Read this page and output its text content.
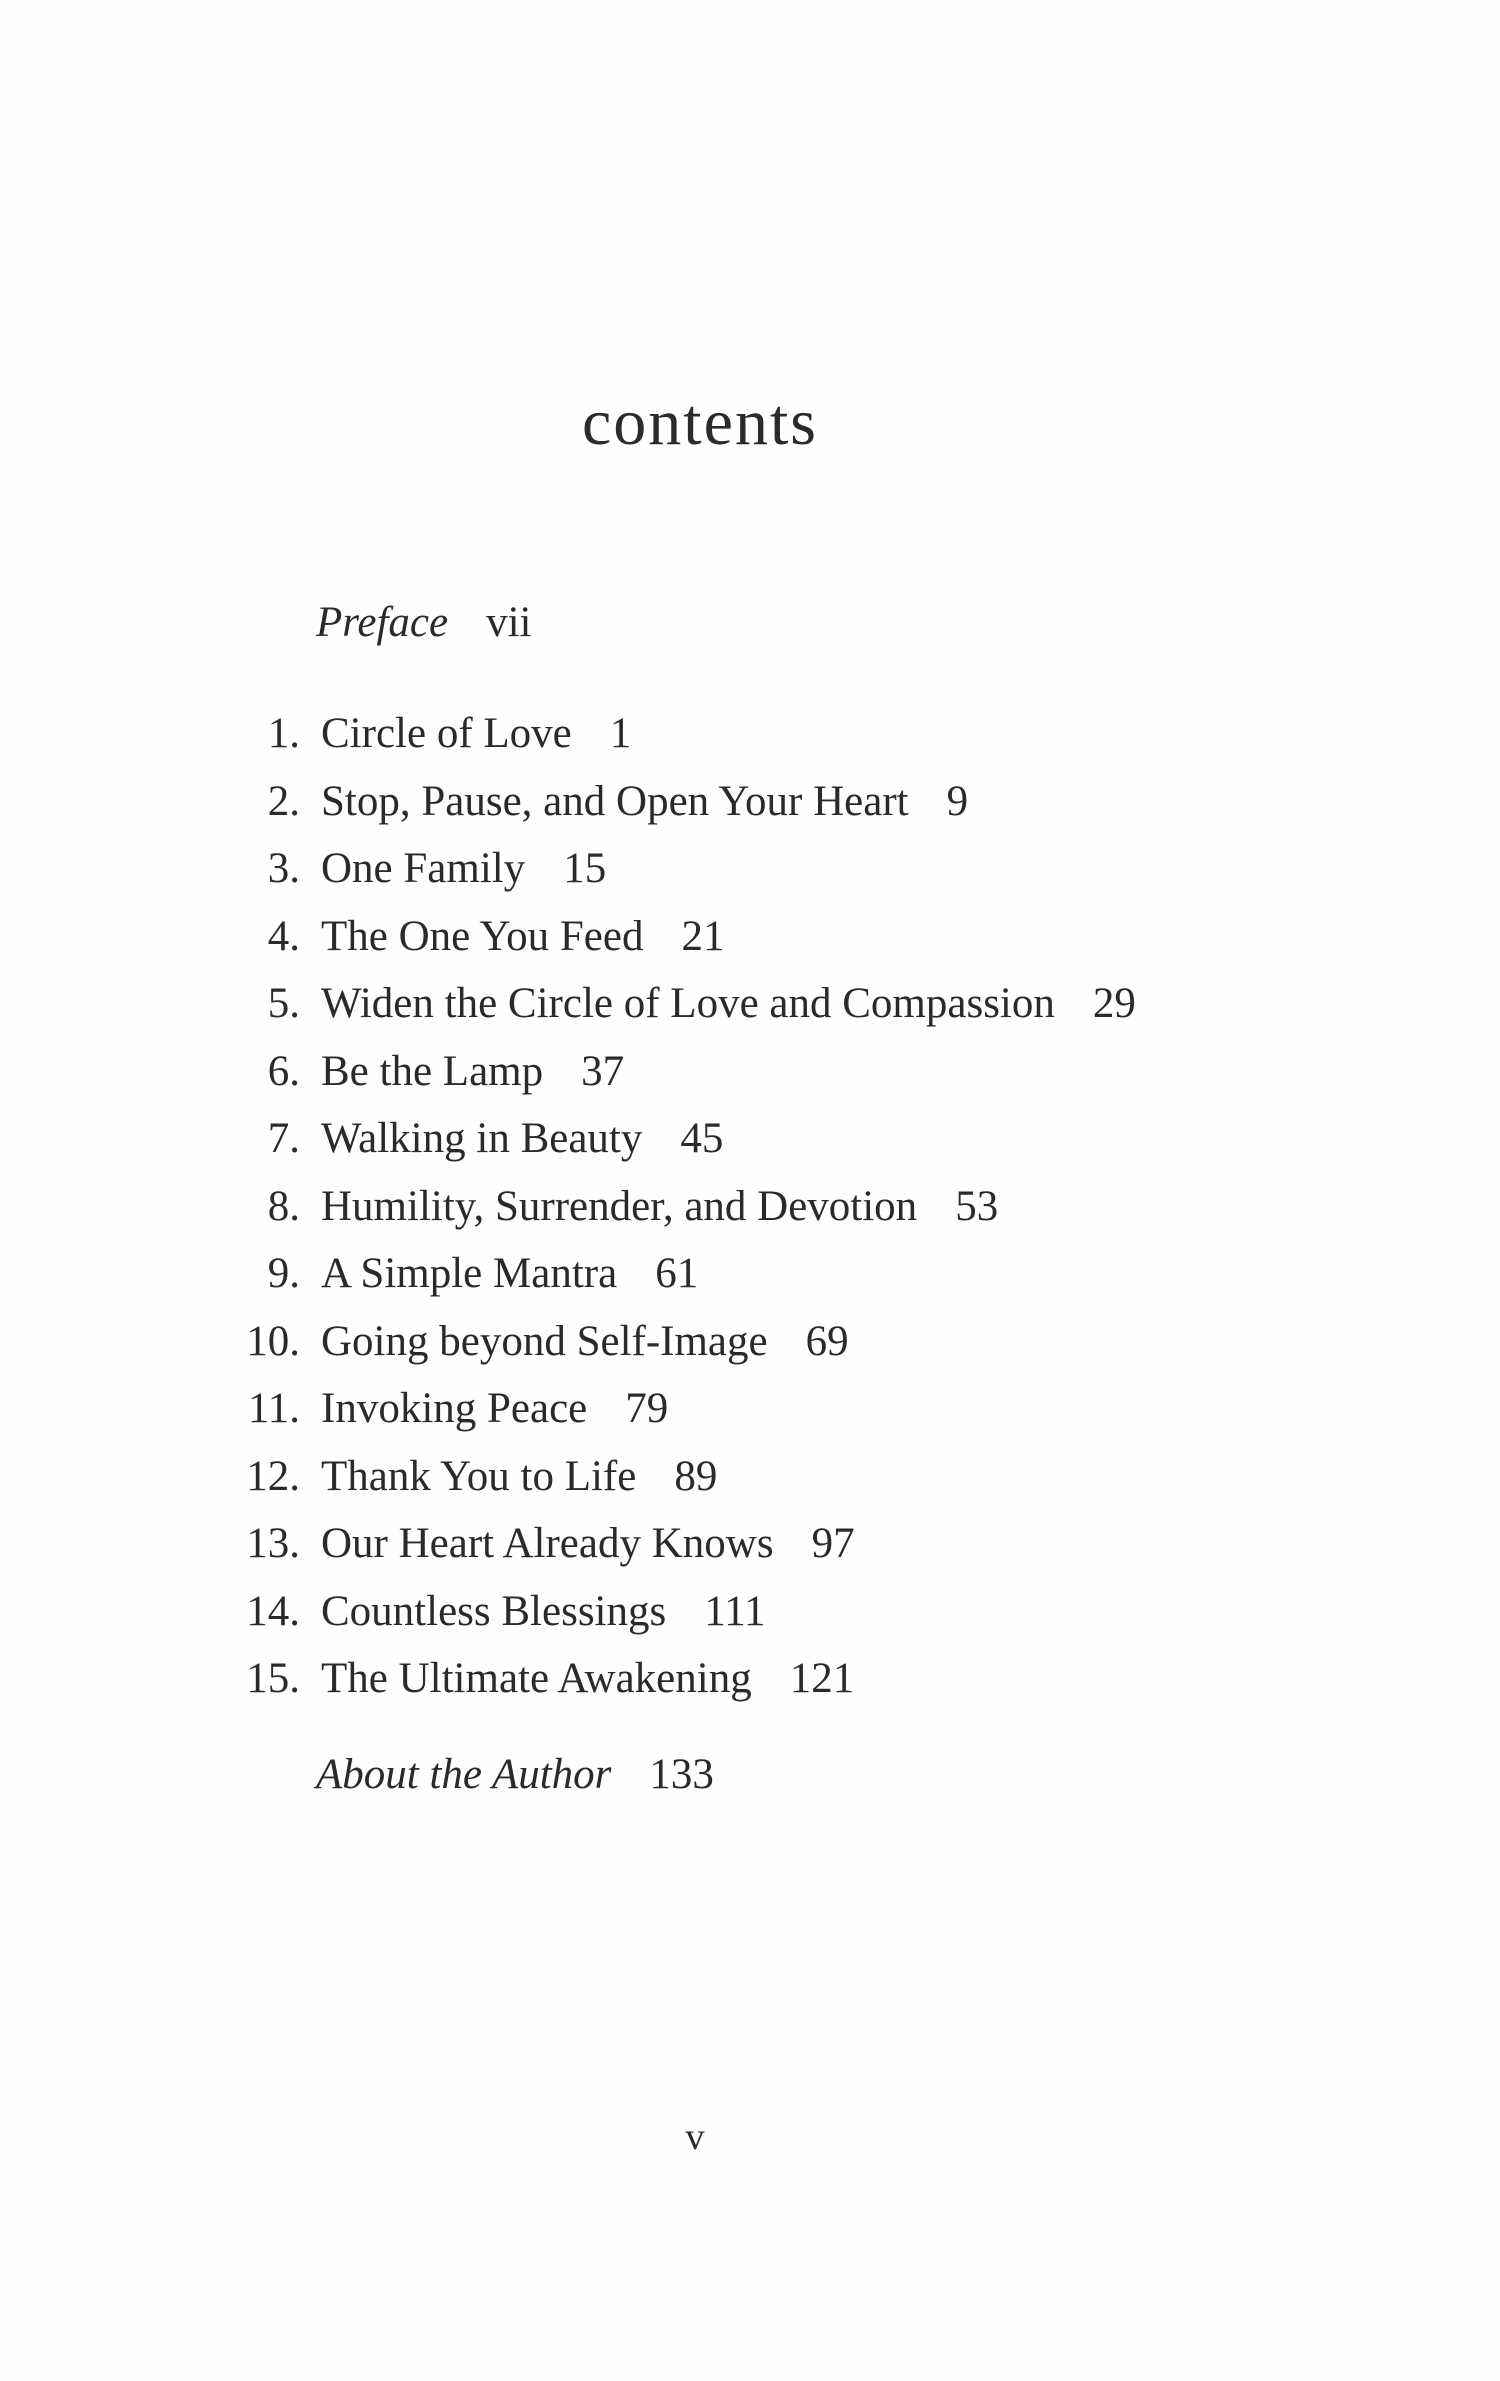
contents
Preface vii
1. Circle of Love 1
2. Stop, Pause, and Open Your Heart 9
3. One Family 15
4. The One You Feed 21
5. Widen the Circle of Love and Compassion 29
6. Be the Lamp 37
7. Walking in Beauty 45
8. Humility, Surrender, and Devotion 53
9. A Simple Mantra 61
10. Going beyond Self-Image 69
11. Invoking Peace 79
12. Thank You to Life 89
13. Our Heart Already Knows 97
14. Countless Blessings 111
15. The Ultimate Awakening 121
About the Author 133
v
